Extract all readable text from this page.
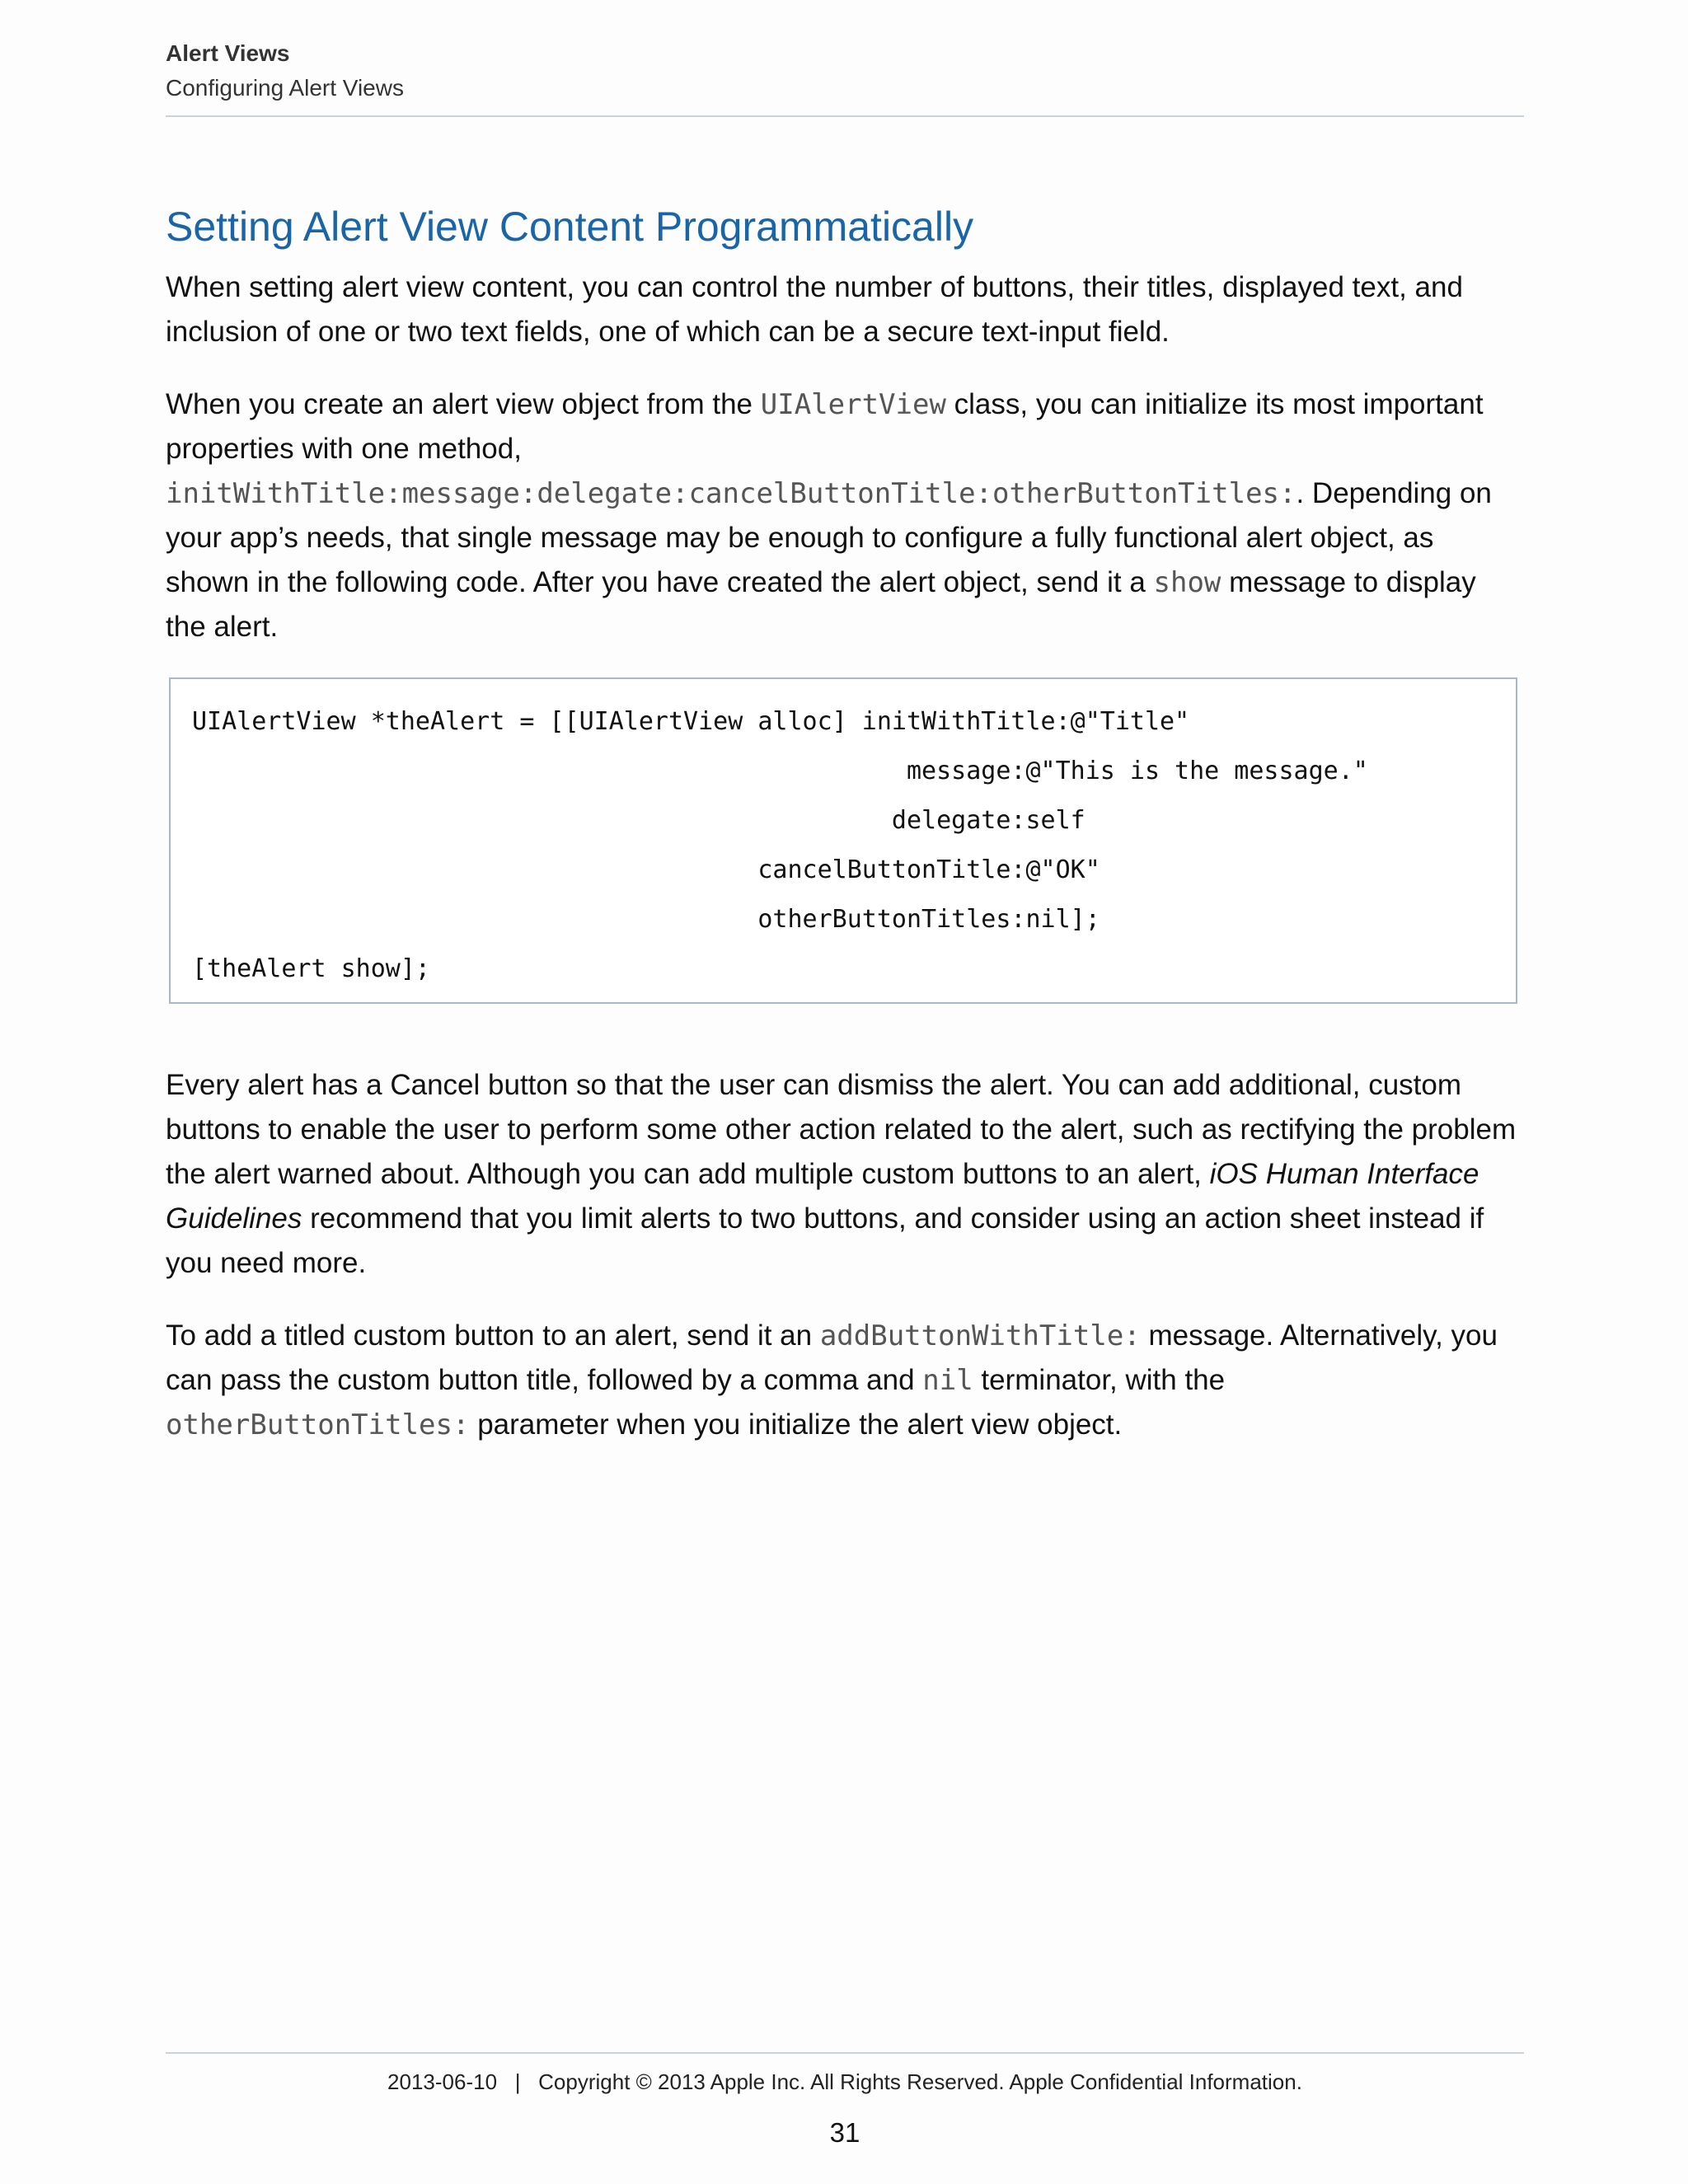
Alert Views
Configuring Alert Views
Setting Alert View Content Programmatically

When setting alert view content, you can control the number of buttons, their titles, displayed text, and inclusion of one or two text fields, one of which can be a secure text-input field.

When you create an alert view object from the UIAlertView class, you can initialize its most important properties with one method, initWithTitle:message:delegate:cancelButtonTitle:otherButtonTitles:. Depending on your app’s needs, that single message may be enough to configure a fully functional alert object, as shown in the following code. After you have created the alert object, send it a show message to display the alert.

UIAlertView *theAlert = [[UIAlertView alloc] initWithTitle:@"Title"
message:@"This is the message."
delegate:self
cancelButtonTitle:@"OK"
otherButtonTitles:nil];
[theAlert show];

Every alert has a Cancel button so that the user can dismiss the alert. You can add additional, custom buttons to enable the user to perform some other action related to the alert, such as rectifying the problem the alert warned about. Although you can add multiple custom buttons to an alert, iOS Human Interface Guidelines recommend that you limit alerts to two buttons, and consider using an action sheet instead if you need more.

To add a titled custom button to an alert, send it an addButtonWithTitle: message. Alternatively, you can pass the custom button title, followed by a comma and nil terminator, with the otherButtonTitles: parameter when you initialize the alert view object.

2013-06-10   |   Copyright © 2013 Apple Inc. All Rights Reserved. Apple Confidential Information.
31
